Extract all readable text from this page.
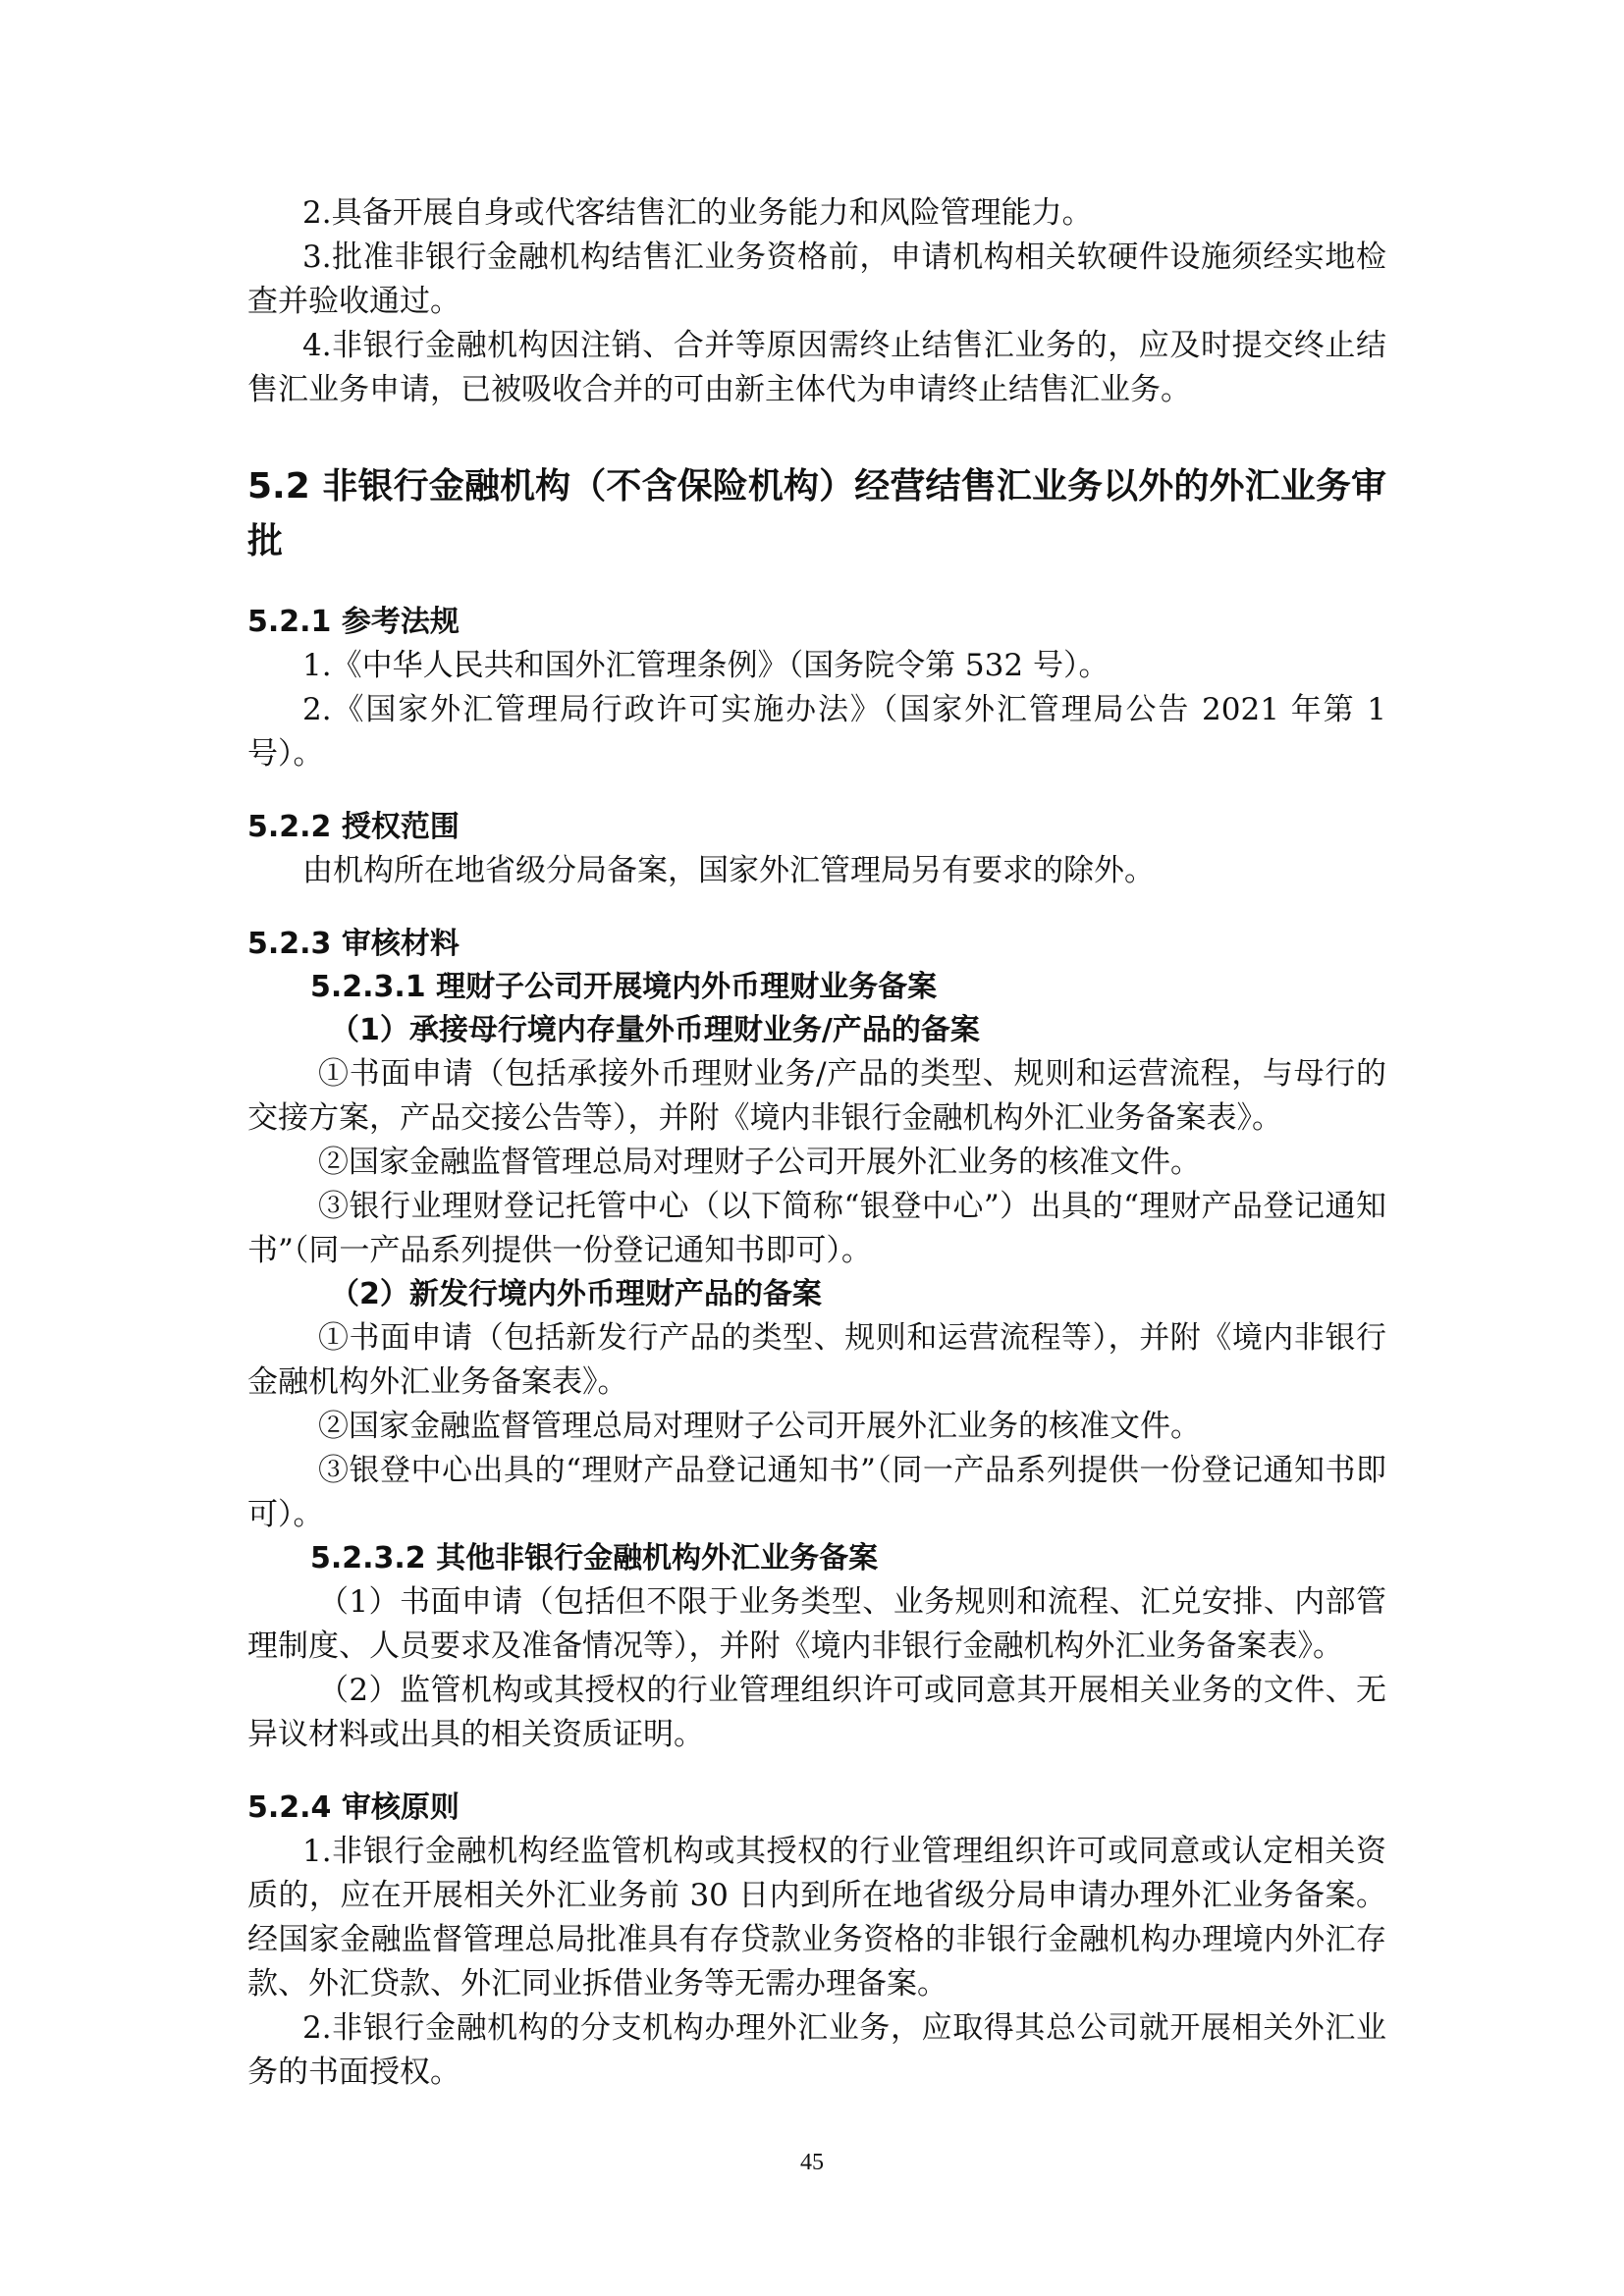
2.具备开展自身或代客结售汇的业务能力和风险管理能力。

3.批准非银行金融机构结售汇业务资格前，申请机构相关软硬件设施须经实地检查并验收通过。

4.非银行金融机构因注销、合并等原因需终止结售汇业务的，应及时提交终止结售汇业务申请，已被吸收合并的可由新主体代为申请终止结售汇业务。

5.2 非银行金融机构（不含保险机构）经营结售汇业务以外的外汇业务审批

5.2.1 参考法规

1.《中华人民共和国外汇管理条例》（国务院令第 532 号）。

2.《国家外汇管理局行政许可实施办法》（国家外汇管理局公告 2021 年第 1 号）。

5.2.2 授权范围

由机构所在地省级分局备案，国家外汇管理局另有要求的除外。

5.2.3 审核材料

5.2.3.1 理财子公司开展境内外币理财业务备案

（1）承接母行境内存量外币理财业务/产品的备案

①书面申请（包括承接外币理财业务/产品的类型、规则和运营流程，与母行的交接方案，产品交接公告等），并附《境内非银行金融机构外汇业务备案表》。

②国家金融监督管理总局对理财子公司开展外汇业务的核准文件。

③银行业理财登记托管中心（以下简称“银登中心”）出具的“理财产品登记通知书”（同一产品系列提供一份登记通知书即可）。

（2）新发行境内外币理财产品的备案

①书面申请（包括新发行产品的类型、规则和运营流程等），并附《境内非银行金融机构外汇业务备案表》。

②国家金融监督管理总局对理财子公司开展外汇业务的核准文件。

③银登中心出具的“理财产品登记通知书”（同一产品系列提供一份登记通知书即可）。

5.2.3.2 其他非银行金融机构外汇业务备案

（1）书面申请（包括但不限于业务类型、业务规则和流程、汇兑安排、内部管理制度、人员要求及准备情况等），并附《境内非银行金融机构外汇业务备案表》。

（2）监管机构或其授权的行业管理组织许可或同意其开展相关业务的文件、无异议材料或出具的相关资质证明。

5.2.4 审核原则

1.非银行金融机构经监管机构或其授权的行业管理组织许可或同意或认定相关资质的，应在开展相关外汇业务前 30 日内到所在地省级分局申请办理外汇业务备案。经国家金融监督管理总局批准具有存贷款业务资格的非银行金融机构办理境内外汇存款、外汇贷款、外汇同业拆借业务等无需办理备案。

2.非银行金融机构的分支机构办理外汇业务，应取得其总公司就开展相关外汇业务的书面授权。

45
